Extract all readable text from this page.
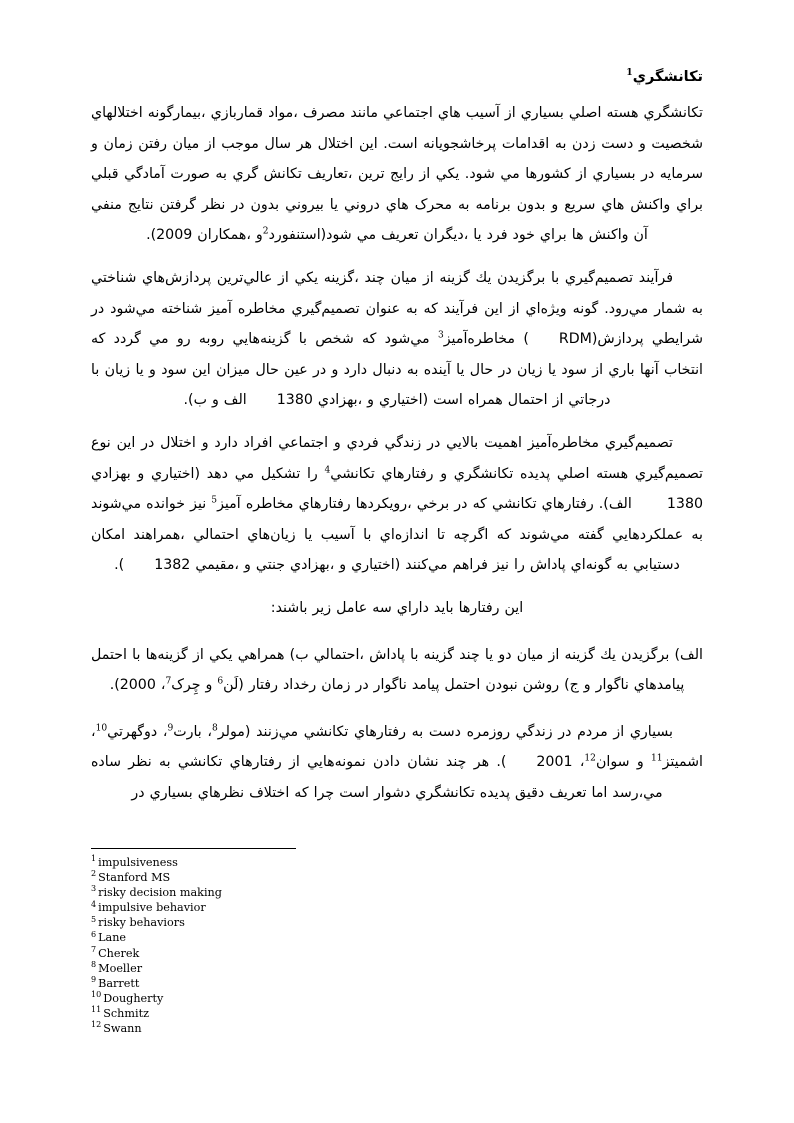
تکانشگري$^1$
تکانشگري هسته اصلي بسياري از آسيب هاي اجتماعي مانند مصرف ،مواد قماربازي ،بيمارگونه اختلالهاي شخصيت و دست زدن به اقدامات پرخاشجويانه است. اين اختلال هر سال موجب از ميان رفتن زمان و سرمايه در بسياري از کشورها مي شود. يکي از رايج ترين ،تعاريف تکانش گري به صورت آمادگي قبلي براي واکنش هاي سريع و بدون برنامه به محرک هاي دروني يا بيروني بدون در نظر گرفتن نتايج منفي آن واکنش ها براي خود فرد يا ،ديگران تعريف مي شود(استنفورد$^2$و ،همکاران 2009).
فرآيند تصميم‌گيري با برگزيدن يك گزينه از ميان چند ،گزينه يكي از عالي‌ترين پردازش‌هاي شناختي به شمار مي‌رود. گونه ويژه‌اي از اين فرآيند كه به عنوان تصميم‌گيري مخاطره آميز شناخته مي‌شود در شرايطي پردازش(RDM) مخاطره‌آميز$^3$ مي‌شود كه شخص با گزينه‌هايي روبه رو مي گردد كه انتخاب آنها باري از سود يا زيان در حال يا آينده به دنبال دارد و در عين حال ميزان اين سود و يا زيان با درجاتي از احتمال همراه است (اختياري و ،بهزادي 1380الف و ب).
تصميم‌گيري مخاطره‌آميز اهميت بالايي در زندگي فردي و اجتماعي افراد دارد و اختلال در اين نوع تصميم‌گيري هسته اصلي پديده تکانشگري و رفتارهاي تکانشي$^4$ را تشکيل مي دهد (اختياري و بهزادي1380 الف). رفتارهاي تکانشي که در برخي ،رويکردها رفتارهاي مخاطره آميز$^5$ نيز خوانده مي‌شوند به عملکردهايي گفته مي‌شوند که اگرچه تا اندازه‌اي با آسيب يا زيان‌هاي احتمالي ،همراهند امکان دستيابي به گونه‌اي پاداش را نيز فراهم مي‌کنند (اختياري و ،بهزادي جنتي و ،مقيمي 1382).
اين رفتارها بايد داراي سه عامل زير باشند:
الف) برگزيدن يك گزينه از ميان دو يا چند گزينه با پاداش ،احتمالي ب) همراهي يكي از گزينه‌ها با احتمل پيامدهاي ناگوار و ج) روشن نبودن احتمل پيامد ناگوار در زمان رخداد رفتار (لَن$^6$ و چِرک$^7$، 2000).
بسياري از مردم در زندگي روزمره دست به رفتارهاي تکانشي مي‌زنند (مولر$^8$، بارت$^9$، دوگهرتي$^{10}$، اشميتز$^{11}$ و سوان$^{12}$، 2001). هر چند نشان دادن نمونه‌هايي از رفتارهاي تکانشي به نظر ساده مي‌،رسد اما تعريف دقيق پديده تکانشگري دشوار است چرا که اختلاف نظرهاي بسياري در
$^1$ impulsiveness
$^2$ Stanford MS
$^3$ risky decision making
$^4$ impulsive behavior
$^5$ risky behaviors
$^6$ Lane
$^7$ Cherek
$^8$ Moeller
$^9$ Barrett
$^{10}$ Dougherty
$^{11}$ Schmitz
$^{12}$ Swann
